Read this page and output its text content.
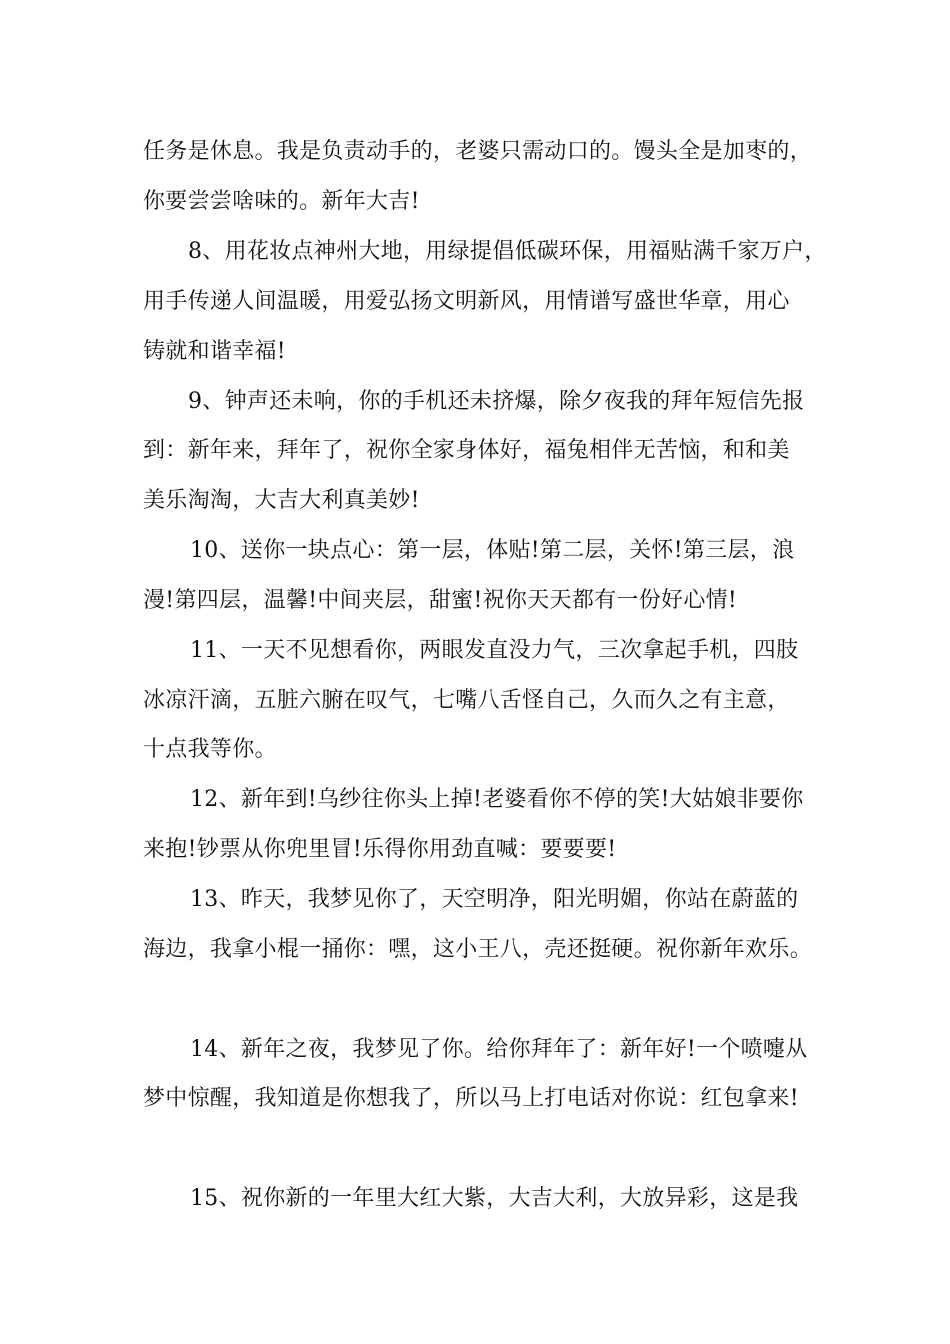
任务是休息。我是负责动手的，老婆只需动口的。馒头全是加枣的，
你要尝尝啥味的。新年大吉!
8、用花妆点神州大地，用绿提倡低碳环保，用福贴满千家万户，
用手传递人间温暖，用爱弘扬文明新风，用情谱写盛世华章，用心
铸就和谐幸福!
9、钟声还未响，你的手机还未挤爆，除夕夜我的拜年短信先报
到：新年来，拜年了，祝你全家身体好，福兔相伴无苦恼，和和美
美乐淘淘，大吉大利真美妙!
10、送你一块点心：第一层，体贴!第二层，关怀!第三层，浪
漫!第四层，温馨!中间夹层，甜蜜!祝你天天都有一份好心情!
11、一天不见想看你，两眼发直没力气，三次拿起手机，四肢
冰凉汗滴，五脏六腑在叹气，七嘴八舌怪自己，久而久之有主意，
十点我等你。
12、新年到!乌纱往你头上掉!老婆看你不停的笑!大姑娘非要你
来抱!钞票从你兜里冒!乐得你用劲直喊：要要要!
13、昨天，我梦见你了，天空明净，阳光明媚，你站在蔚蓝的
海边，我拿小棍一捅你：嘿，这小王八，壳还挺硬。祝你新年欢乐。
14、新年之夜，我梦见了你。给你拜年了：新年好!一个喷嚏从
梦中惊醒，我知道是你想我了，所以马上打电话对你说：红包拿来!
15、祝你新的一年里大红大紫，大吉大利，大放异彩，这是我
